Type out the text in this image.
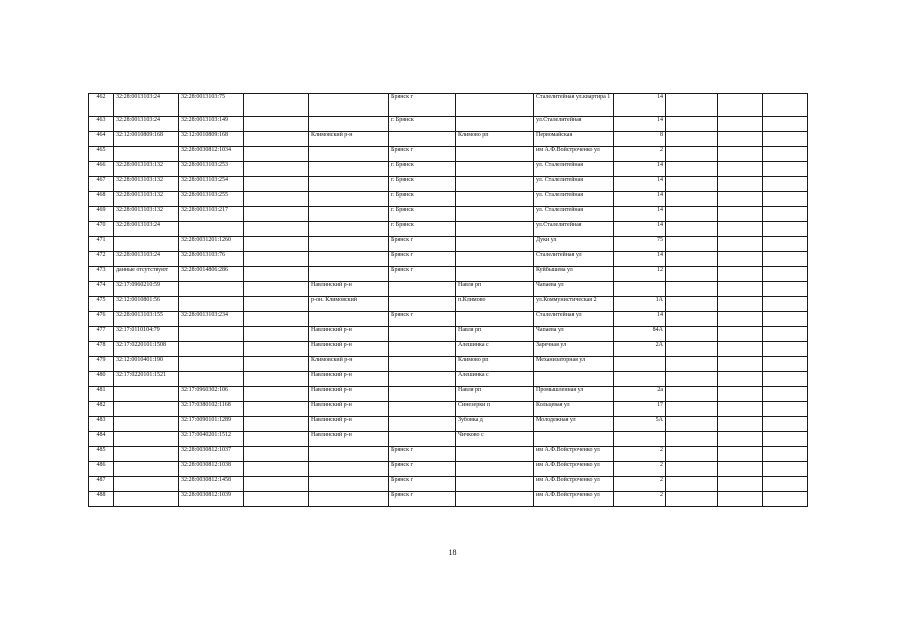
462	32:28:0013103:24	32:28:0013103:75			Брянск г		Сталелитейная ул.квартира 1	14			
463	32:28:0013103:24	32:28:0013103:149			г. Брянск		ул.Сталелитейная	14			
464	32:12:0010809:168	32:12:0010809:168		Климовский р-н		Климово рп	Первомайская	8			
465		32:28:0030812:1034			Брянск г		им А.Ф.Войстроченко ул	2			
466	32:28:0013103:132	32:28:0013103:253			г. Брянск		ул. Сталелитейная	14			
467	32:28:0013103:132	32:28:0013103:254			г. Брянск		ул. Сталелитейная	14			
468	32:28:0013103:132	32:28:0013103:255			г. Брянск		ул. Сталелитейная	14			
469	32:28:0013103:132	32:28:0013103:217			г. Брянск		ул. Сталелитейная	14			
470	32:28:0013103:24				г. Брянск		ул.Сталелитейная	14			
471		32:28:0031201:1260			Брянск г		Дуки ул	75			
472	32:28:0013103:24	32:28:0013103:76			Брянск г		Сталелитейная ул	14			
473	данные отсутствуют	32:28:0014806:286			Брянск г		Куйбышева ул	12			
474	32:17:0960210:59			Навлинский р-н		Навля рп	Чапаева ул				
475	32:12:0010801:56			р-он. Климовский		п.Климово	ул.Коммунистическая 2	1А			
476	32:28:0013103:155	32:28:0013103:234			Брянск г		Сталелитейная ул	14			
477	32:17:0110104:79			Навлинский р-н		Навля рп	Чапаева ул	84А			
478	32:17:0220101:1508			Навлинский р-н		Алешинка с	Заречная ул	2А			
479	32:12:0010401:190			Климовский р-н		Климово рп	Механизаторная ул				
480	32:17:0220101:1521			Навлинский р-н		Алешинка с					
481		32:17:0960302:106		Навлинский р-н		Навля рп	Промышленная ул	2а			
482		32:17:0380102:1168		Навлинский р-н		Синезерки п	Кольцевая ул	17			
483		32:17:0090101:1289		Навлинский р-н		Зубовка д	Молодежная ул	5А			
484		32:17:0040201:1512		Навлинский р-н		Чичково с					
485		32:28:0030812:1037			Брянск г		им А.Ф.Войстроченко ул	2			
486		32:28:0030812:1038			Брянск г		им А.Ф.Войстроченко ул	2			
487		32:28:0030812:1458			Брянск г		им А.Ф.Войстроченко ул	2			
488		32:28:0030812:1039			Брянск г		им А.Ф.Войстроченко ул	2			
18
